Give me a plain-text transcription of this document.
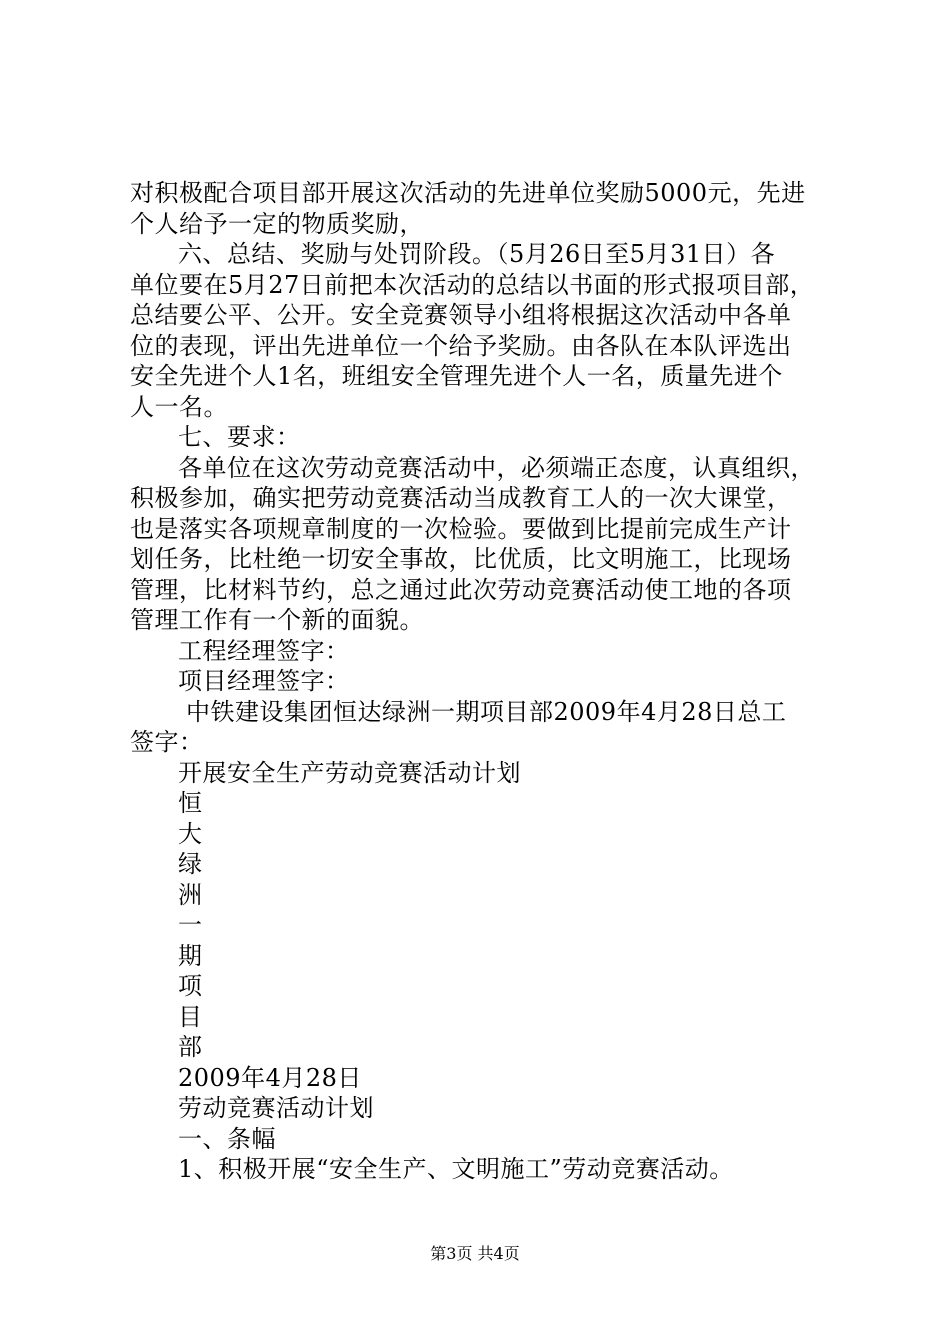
对积极配合项目部开展这次活动的先进单位奖励5000元，先进
个人给予一定的物质奖励，
六、总结、奖励与处罚阶段。（5月26日至5月31日）各
单位要在5月27日前把本次活动的总结以书面的形式报项目部，
总结要公平、公开。安全竞赛领导小组将根据这次活动中各单
位的表现，评出先进单位一个给予奖励。由各队在本队评选出
安全先进个人1名，班组安全管理先进个人一名，质量先进个
人一名。
七、要求：
各单位在这次劳动竞赛活动中，必须端正态度，认真组织，
积极参加，确实把劳动竞赛活动当成教育工人的一次大课堂，
也是落实各项规章制度的一次检验。要做到比提前完成生产计
划任务，比杜绝一切安全事故，比优质，比文明施工，比现场
管理，比材料节约，总之通过此次劳动竞赛活动使工地的各项
管理工作有一个新的面貌。
工程经理签字：
项目经理签字：
中铁建设集团恒达绿洲一期项目部2009年4月28日总工
签字：
开展安全生产劳动竞赛活动计划
恒
大
绿
洲
一
期
项
目
部
2009年4月28日
劳动竞赛活动计划
一、条幅
1、积极开展“安全生产、文明施工”劳动竞赛活动。
第3页 共4页
